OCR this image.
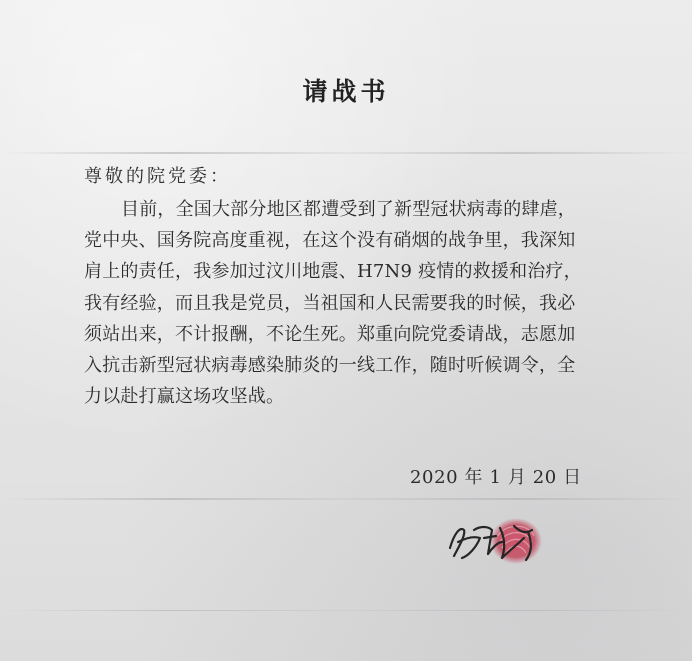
请战书
尊敬的院党委：
目前，全国大部分地区都遭受到了新型冠状病毒的肆虐，
党中央、国务院高度重视，在这个没有硝烟的战争里，我深知
肩上的责任，我参加过汶川地震、H7N9 疫情的救援和治疗，
我有经验，而且我是党员，当祖国和人民需要我的时候，我必
须站出来，不计报酬，不论生死。郑重向院党委请战，志愿加
入抗击新型冠状病毒感染肺炎的一线工作，随时听候调令，全
力以赴打赢这场攻坚战。
2020 年 1 月 20 日
